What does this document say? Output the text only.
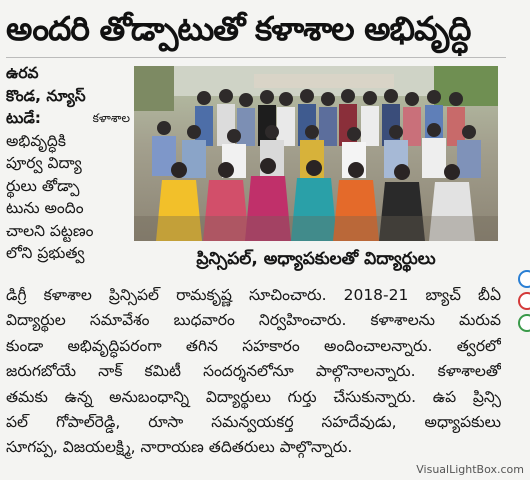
అందరి తోడ్పాటుతో కళాశాల అభివృద్ధి

ఉరవ

కొండ, న్యూస్

టుడే:	కళాశాల

అభివృద్ధికి

పూర్వ విద్యా

ర్థులు తోడ్పా

టును అందిం

చాలని పట్టణం

లోని ప్రభుత్వ	ప్రిన్సిపల్, అధ్యాపకులతో విద్యార్థులు
డిగ్రీ కళాశాల ప్రిన్సిపల్ రామకృష్ణ సూచించారు. 2018-21 బ్యాచ్ బీఏ
విద్యార్థుల సమావేశం బుధవారం నిర్వహించారు. కళాశాలను మరువ
కుండా అభివృద్ధిపరంగా తగిన సహకారం అందించాలన్నారు. త్వరలో
జరుగబోయే నాక్ కమిటీ సందర్శనలోనూ పాల్గొనాలన్నారు. కళాశాలతో
తమకు ఉన్న అనుబంధాన్ని విద్యార్థులు గుర్తు చేసుకున్నారు. ఉప ప్రిన్సి
పల్ గోపాల్‌రెడ్డి, రూసా సమన్వయకర్త సహదేవుడు, అధ్యాపకులు
సూగప్ప, విజయలక్ష్మి, నారాయణ తదితరులు పాల్గొన్నారు.
VisualLightBox.com
